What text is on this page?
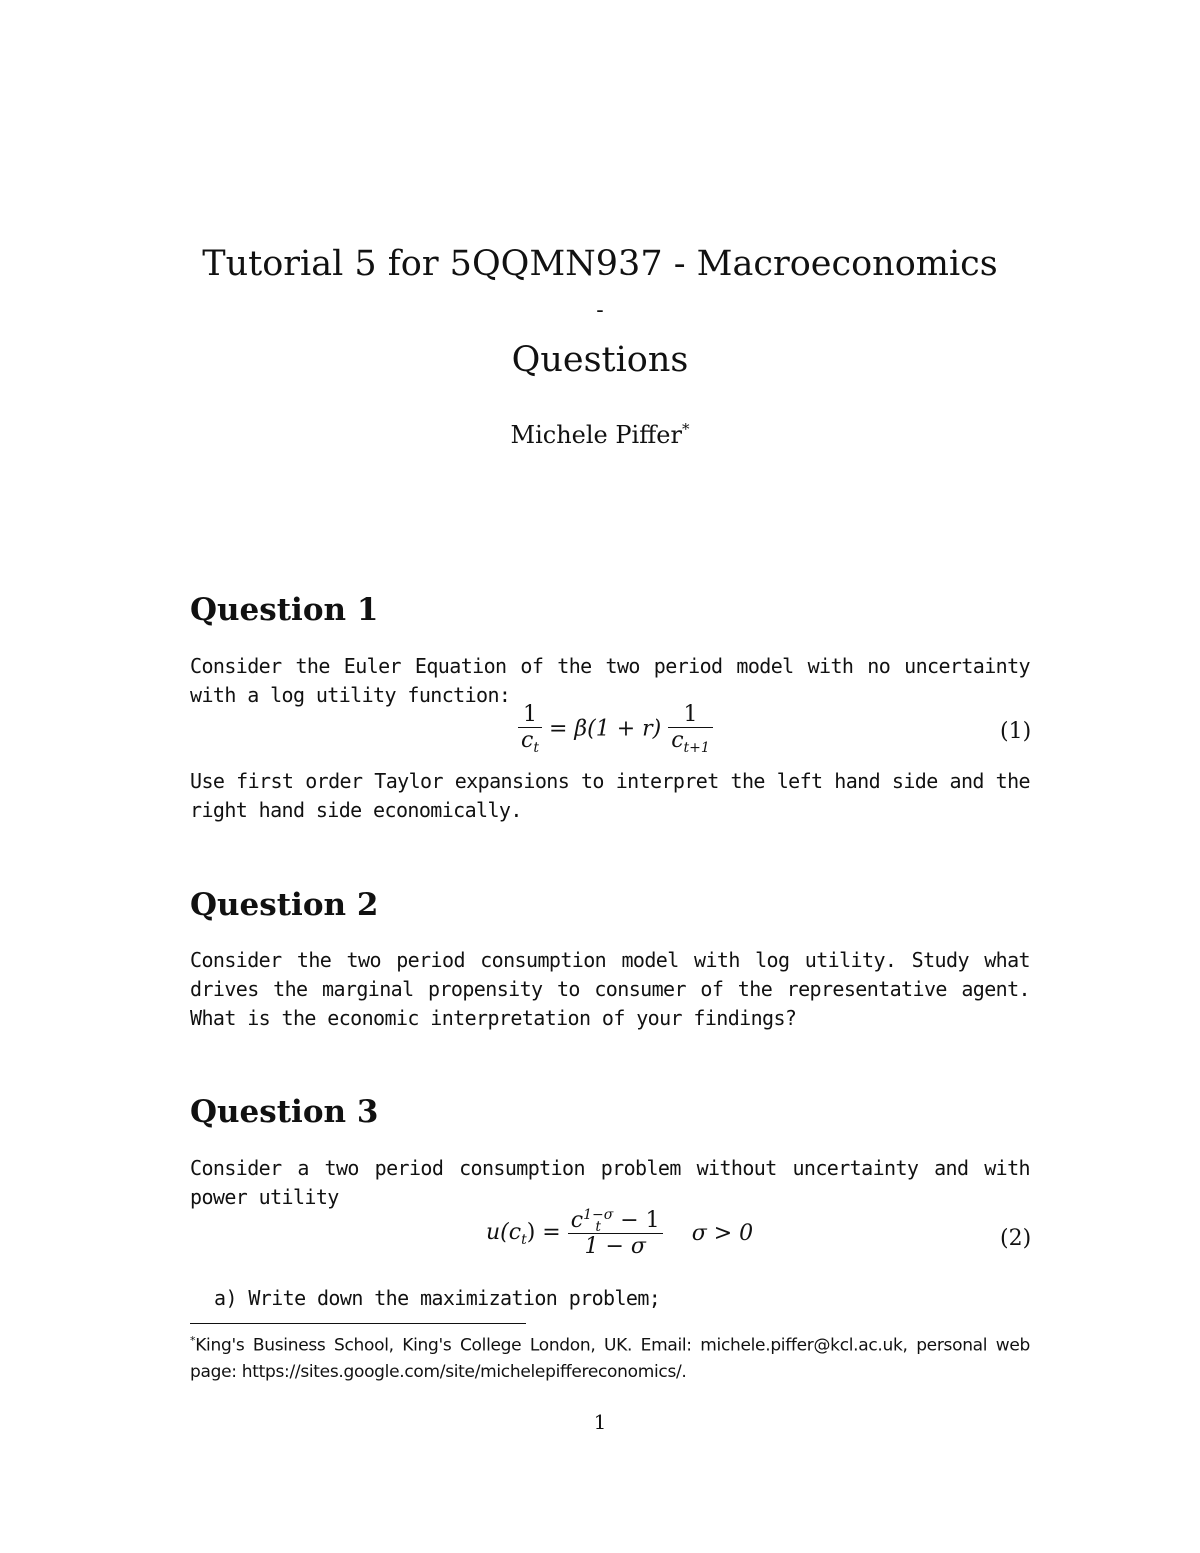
Tutorial 5 for 5QQMN937 - Macroeconomics
-
Questions
Michele Piffer*
Question 1
Consider the Euler Equation of the two period model with no uncertainty with a log utility function:
$\frac{1}{c_t} = \beta(1 + r) \frac{1}{c_{t+1}}$	(1)
Use first order Taylor expansions to interpret the left hand side and the right hand side economically.
Question 2
Consider the two period consumption model with log utility. Study what drives the marginal propensity to consumer of the representative agent. What is the economic interpretation of your findings?
Question 3
Consider a two period consumption problem without uncertainty and with power utility
$u(c_t) = c$ 1−σ
t − 1
1 − σ σ > 0	(2)
a) Write down the maximization problem;
*King's Business School, King's College London, UK. Email: michele.piffer@kcl.ac.uk, personal web page: https://sites.google.com/site/michelepiffereconomics/.
1
